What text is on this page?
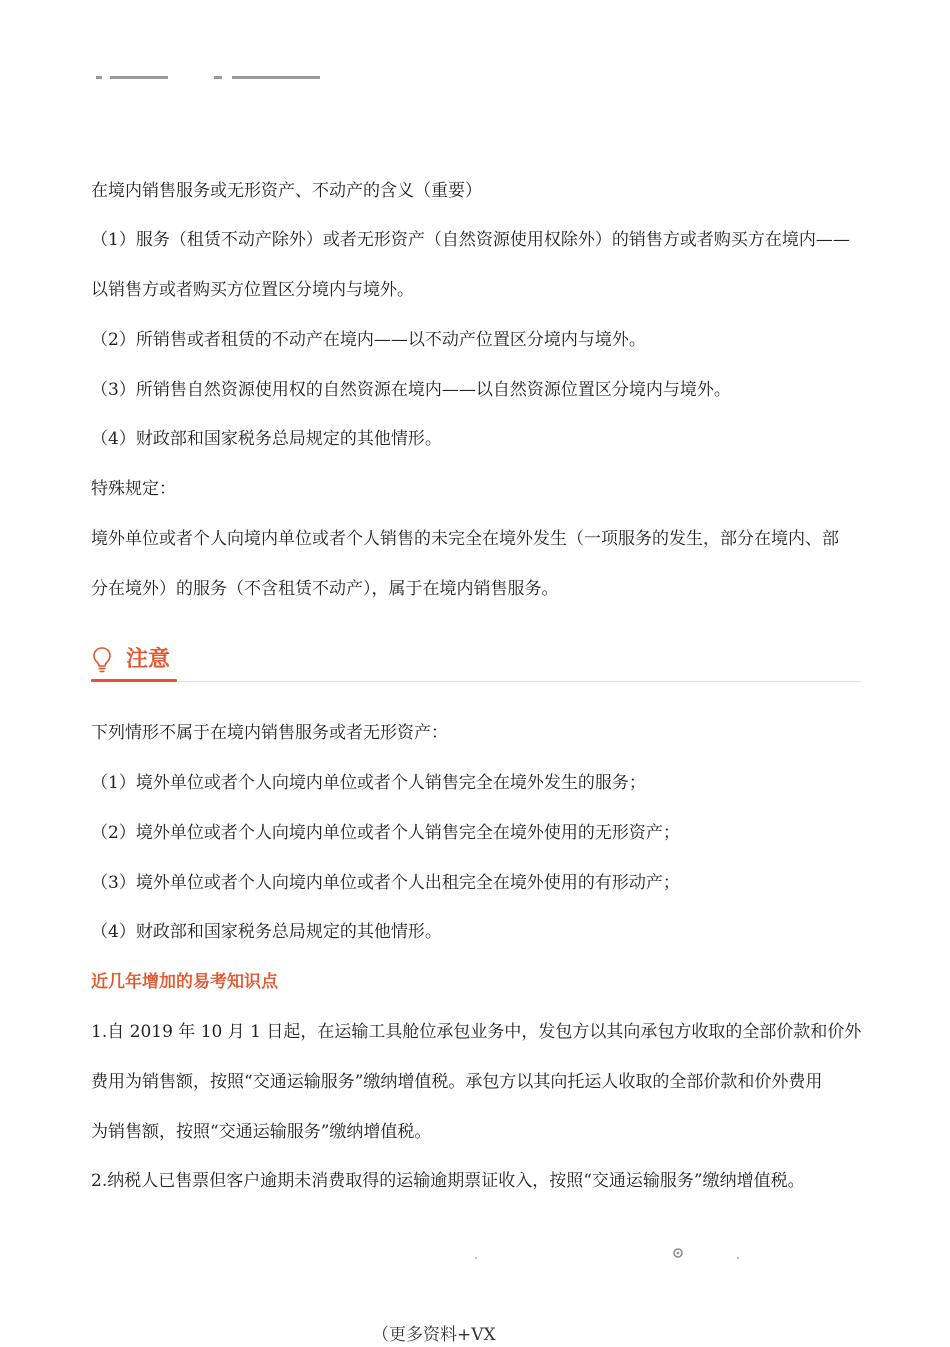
在境内销售服务或无形资产、不动产的含义（重要）
（1）服务（租赁不动产除外）或者无形资产（自然资源使用权除外）的销售方或者购买方在境内——
以销售方或者购买方位置区分境内与境外。
（2）所销售或者租赁的不动产在境内——以不动产位置区分境内与境外。
（3）所销售自然资源使用权的自然资源在境内——以自然资源位置区分境内与境外。
（4）财政部和国家税务总局规定的其他情形。
特殊规定：
境外单位或者个人向境内单位或者个人销售的未完全在境外发生（一项服务的发生，部分在境内、部
分在境外）的服务（不含租赁不动产），属于在境内销售服务。
注意
下列情形不属于在境内销售服务或者无形资产：
（1）境外单位或者个人向境内单位或者个人销售完全在境外发生的服务；
（2）境外单位或者个人向境内单位或者个人销售完全在境外使用的无形资产；
（3）境外单位或者个人向境内单位或者个人出租完全在境外使用的有形动产；
（4）财政部和国家税务总局规定的其他情形。
近几年增加的易考知识点
1.自 2019 年 10 月 1 日起，在运输工具舱位承包业务中，发包方以其向承包方收取的全部价款和价外
费用为销售额，按照“交通运输服务”缴纳增值税。承包方以其向托运人收取的全部价款和价外费用
为销售额，按照“交通运输服务”缴纳增值税。
2.纳税人已售票但客户逾期未消费取得的运输逾期票证收入，按照“交通运输服务”缴纳增值税。
（更多资料+VX
